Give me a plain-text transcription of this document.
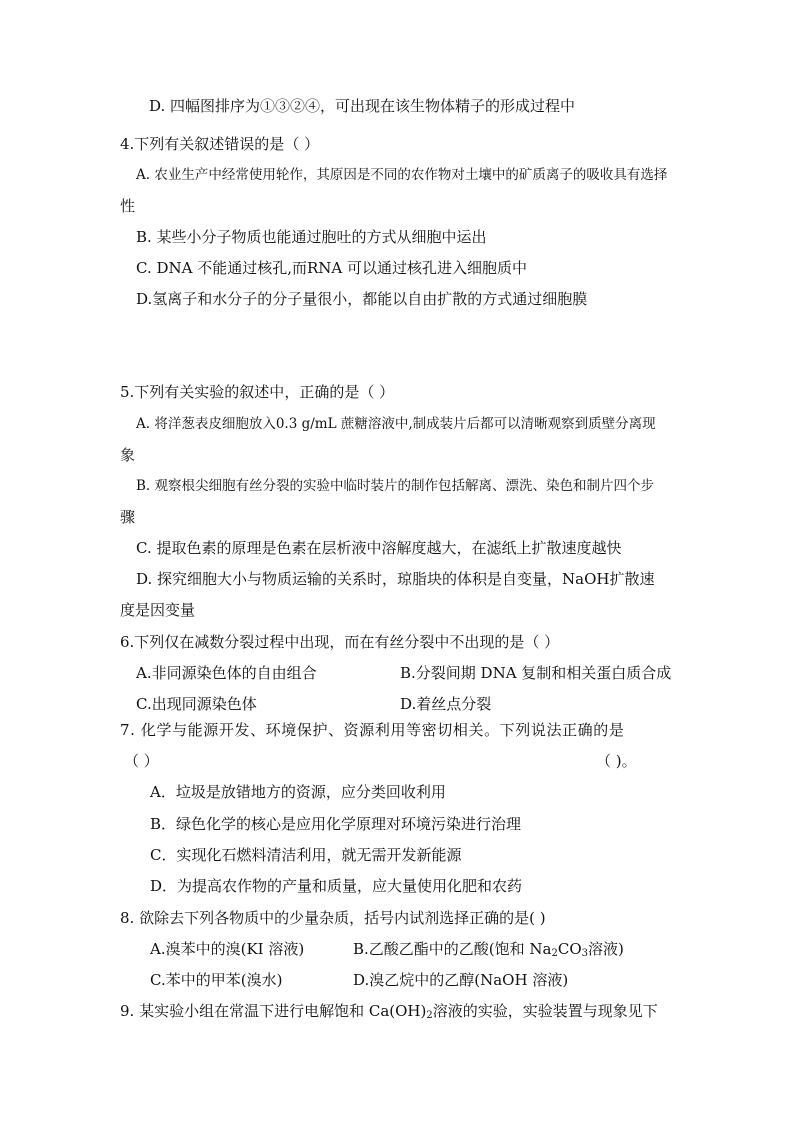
D. 四幅图排序为①③②④，可出现在该生物体精子的形成过程中
4.下列有关叙述错误的是（ ）
A. 农业生产中经常使用轮作，其原因是不同的农作物对土壤中的矿质离子的吸收具有选择
性
B. 某些小分子物质也能通过胞吐的方式从细胞中运出
C. DNA 不能通过核孔,而RNA 可以通过核孔进入细胞质中
D.氢离子和水分子的分子量很小，都能以自由扩散的方式通过细胞膜
5.下列有关实验的叙述中，正确的是（ ）
A. 将洋葱表皮细胞放入0.3 g/mL 蔗糖溶液中,制成装片后都可以清晰观察到质壁分离现
象
B. 观察根尖细胞有丝分裂的实验中临时装片的制作包括解离、漂洗、染色和制片四个步
骤
C. 提取色素的原理是色素在层析液中溶解度越大，在滤纸上扩散速度越快
D. 探究细胞大小与物质运输的关系时，琼脂块的体积是自变量，NaOH扩散速
度是因变量
6.下列仅在减数分裂过程中出现，而在有丝分裂中不出现的是（ ）
A.非同源染色体的自由组合	B.分裂间期 DNA 复制和相关蛋白质合成
C.出现同源染色体	D.着丝点分裂
7. 化学与能源开发、环境保护、资源利用等密切相关。下列说法正确的是
（ ）	（ )。
A．垃圾是放错地方的资源，应分类回收利用
B．绿色化学的核心是应用化学原理对环境污染进行治理
C．实现化石燃料清洁利用，就无需开发新能源
D．为提高农作物的产量和质量，应大量使用化肥和农药
8. 欲除去下列各物质中的少量杂质，括号内试剂选择正确的是( )
A.溴苯中的溴(KI 溶液)	B.乙酸乙酯中的乙酸(饱和 $Na_2CO_3$溶液)
C.苯中的甲苯(溴水)	D.溴乙烷中的乙醇(NaOH 溶液)
9. 某实验小组在常温下进行电解饱和 $Ca(OH)_2$溶液的实验，实验装置与现象见下
